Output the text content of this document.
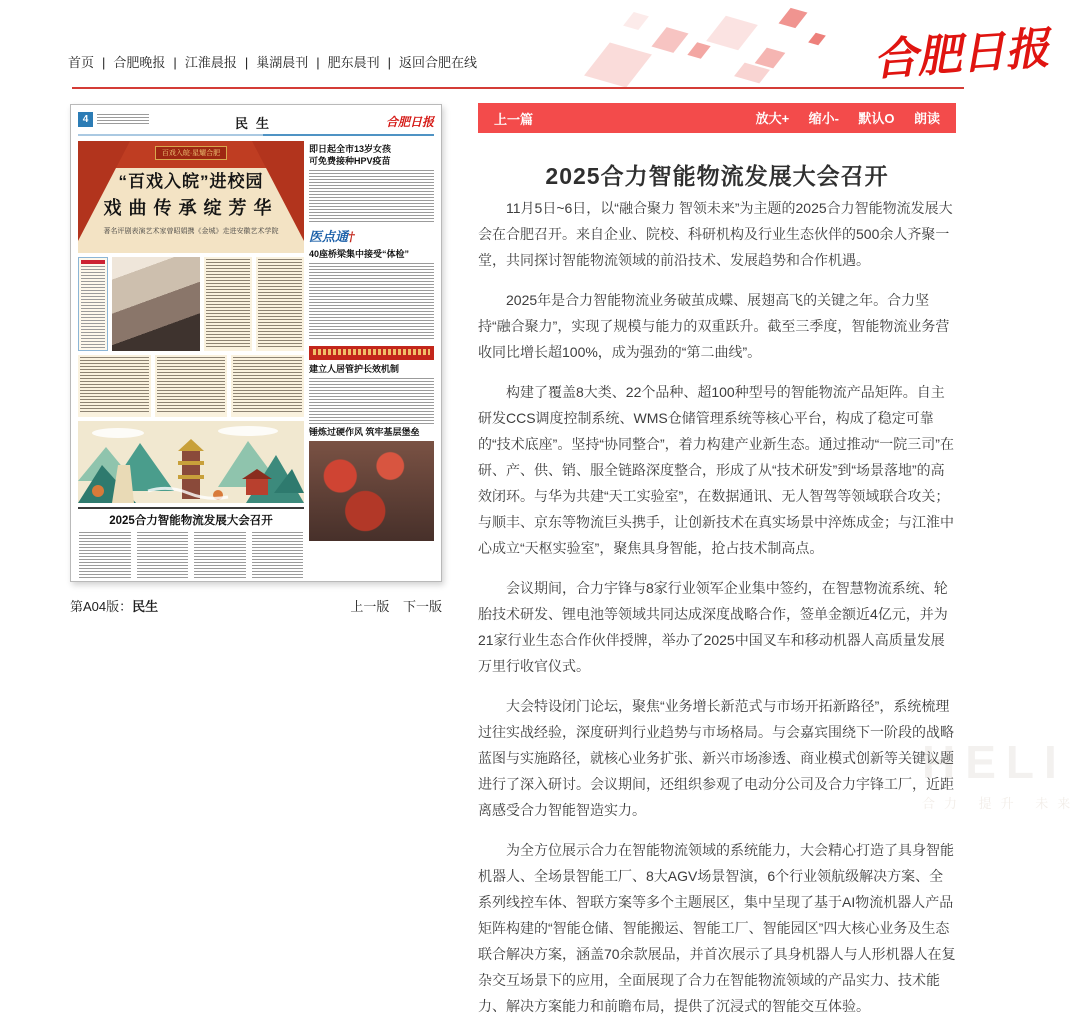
HELI
合力 提升 未来
首页 | 合肥晚报 | 江淮晨报 | 巢湖晨刊 | 肥东晨刊 | 返回合肥在线	合肥日报
4	民生	合肥日报
百戏入皖·星耀合肥
“百戏入皖”进校园
戏曲传承绽芳华
著名评剧表演艺术家曾昭娟携《金城》走进安徽艺术学院
2025合力智能物流发展大会召开
即日起全市13岁女孩
可免费接种HPV疫苗
医点通†
40座桥梁集中接受“体检”
建立人居管护长效机制
锤炼过硬作风 筑牢基层堡垒
第A04版：民生	上一版 下一版
上一篇	放大+ 缩小- 默认O 朗读
2025合力智能物流发展大会召开

11月5日~6日，以“融合聚力 智领未来”为主题的2025合力智能物流发展大会在合肥召开。来自企业、院校、科研机构及行业生态伙伴的500余人齐聚一堂，共同探讨智能物流领域的前沿技术、发展趋势和合作机遇。

2025年是合力智能物流业务破茧成蝶、展翅高飞的关键之年。合力坚持“融合聚力”，实现了规模与能力的双重跃升。截至三季度，智能物流业务营收同比增长超100%，成为强劲的“第二曲线”。

构建了覆盖8大类、22个品种、超100种型号的智能物流产品矩阵。自主研发CCS调度控制系统、WMS仓储管理系统等核心平台，构成了稳定可靠的“技术底座”。坚持“协同整合”，着力构建产业新生态。通过推动“一院三司”在研、产、供、销、服全链路深度整合，形成了从“技术研发”到“场景落地”的高效闭环。与华为共建“天工实验室”，在数据通讯、无人智驾等领域联合攻关；与顺丰、京东等物流巨头携手，让创新技术在真实场景中淬炼成金；与江淮中心成立“天枢实验室”，聚焦具身智能，抢占技术制高点。

会议期间，合力宇锋与8家行业领军企业集中签约，在智慧物流系统、轮胎技术研发、锂电池等领域共同达成深度战略合作，签单金额近4亿元，并为21家行业生态合作伙伴授牌，举办了2025中国叉车和移动机器人高质量发展万里行收官仪式。

大会特设闭门论坛，聚焦“业务增长新范式与市场开拓新路径”，系统梳理过往实战经验，深度研判行业趋势与市场格局。与会嘉宾围绕下一阶段的战略蓝图与实施路径，就核心业务扩张、新兴市场渗透、商业模式创新等关键议题进行了深入研讨。会议期间，还组织参观了电动分公司及合力宇锋工厂，近距离感受合力智能智造实力。

为全方位展示合力在智能物流领域的系统能力，大会精心打造了具身智能机器人、全场景智能工厂、8大AGV场景智演，6个行业领航级解决方案、全系列线控车体、智联方案等多个主题展区，集中呈现了基于AI物流机器人产品矩阵构建的“智能仓储、智能搬运、智能工厂、智能园区”四大核心业务及生态联合解决方案，涵盖70余款展品，并首次展示了具身机器人与人形机器人在复杂交互场景下的应用，全面展现了合力在智能物流领域的产品实力、技术能力、解决方案能力和前瞻布局，提供了沉浸式的智能交互体验。
